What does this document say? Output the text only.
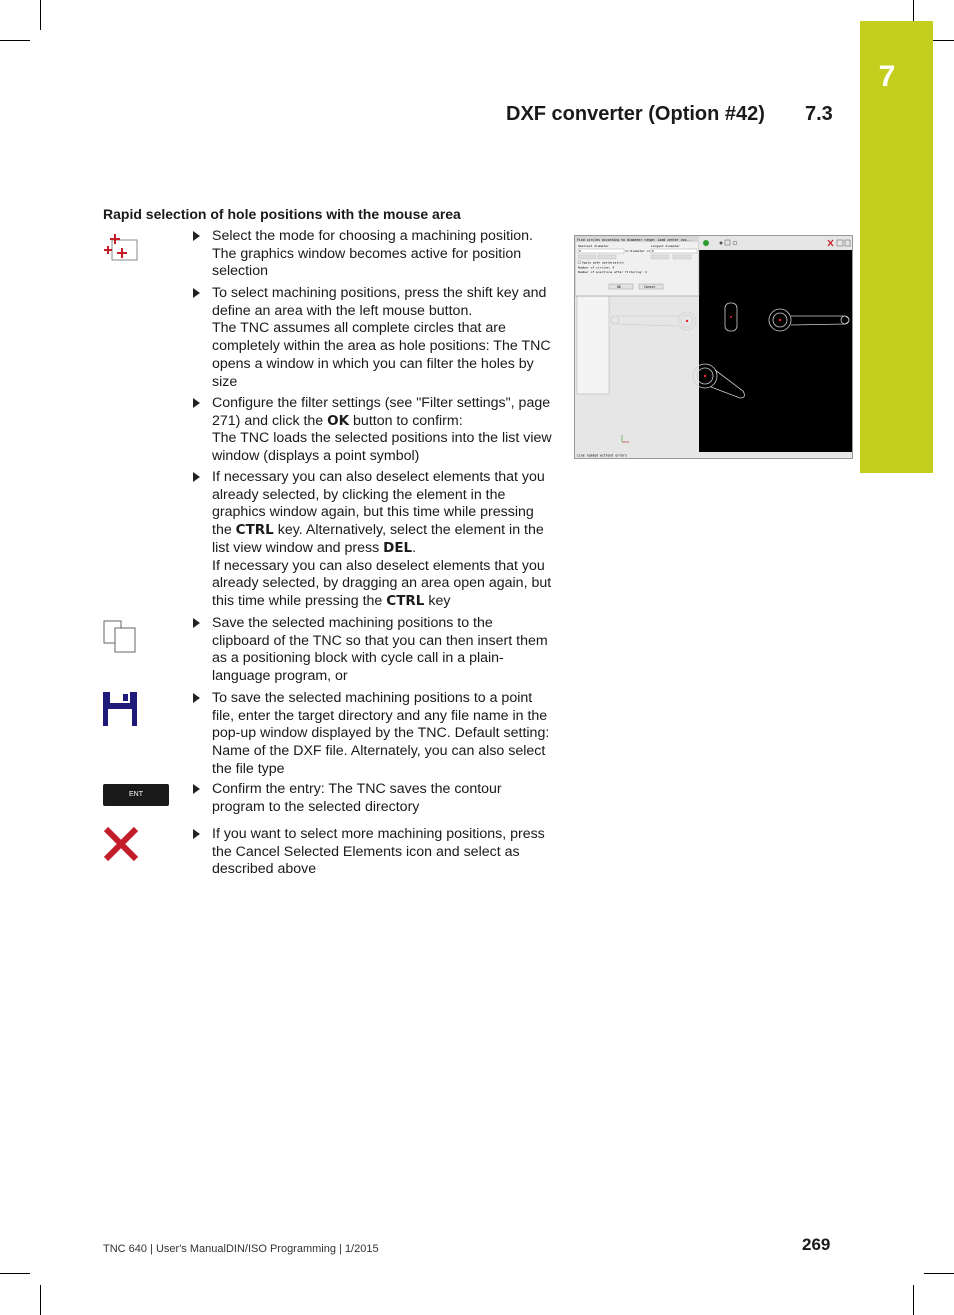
7
DXF converter (Option #42) 7.3
Rapid selection of hole positions with the mouse area
ENT
Select the mode for choosing a machining position. The graphics window becomes active for position selection
To select machining positions, press the shift key and define an area with the left mouse button.
The TNC assumes all complete circles that are completely within the area as hole positions: The TNC opens a window in which you can filter the holes by size
Configure the filter settings (see "Filter settings", page 271) and click the OK button to confirm:
The TNC loads the selected positions into the list view window (displays a point symbol)
If necessary you can also deselect elements that you already selected, by clicking the element in the graphics window again, but this time while pressing the CTRL key. Alternatively, select the element in the list view window and press DEL.
If necessary you can also deselect elements that you already selected, by dragging an area open again, but this time while pressing the CTRL key
Save the selected machining positions to the clipboard of the TNC so that you can then insert them as a positioning block with cycle call in a plain-language program, or
To save the selected machining positions to a point file, enter the target directory and any file name in the pop-up window displayed by the TNC. Default setting: Name of the DXF file. Alternately, you can also select the file type
Confirm the entry: The TNC saves the contour program to the selected directory
If you want to select more machining positions, press the Cancel Selected Elements icon and select as described above
Find circles according to diameter range: Load center coo...
Smallest diameter	Largest diameter
0	<= Diameter <= 0
Apply path optimization
Number of circles: 4
Number of positions after filtering: 4
OK	Cancel
Line loaded without errors
TNC 640 | User's ManualDIN/ISO Programming | 1/2015	269
